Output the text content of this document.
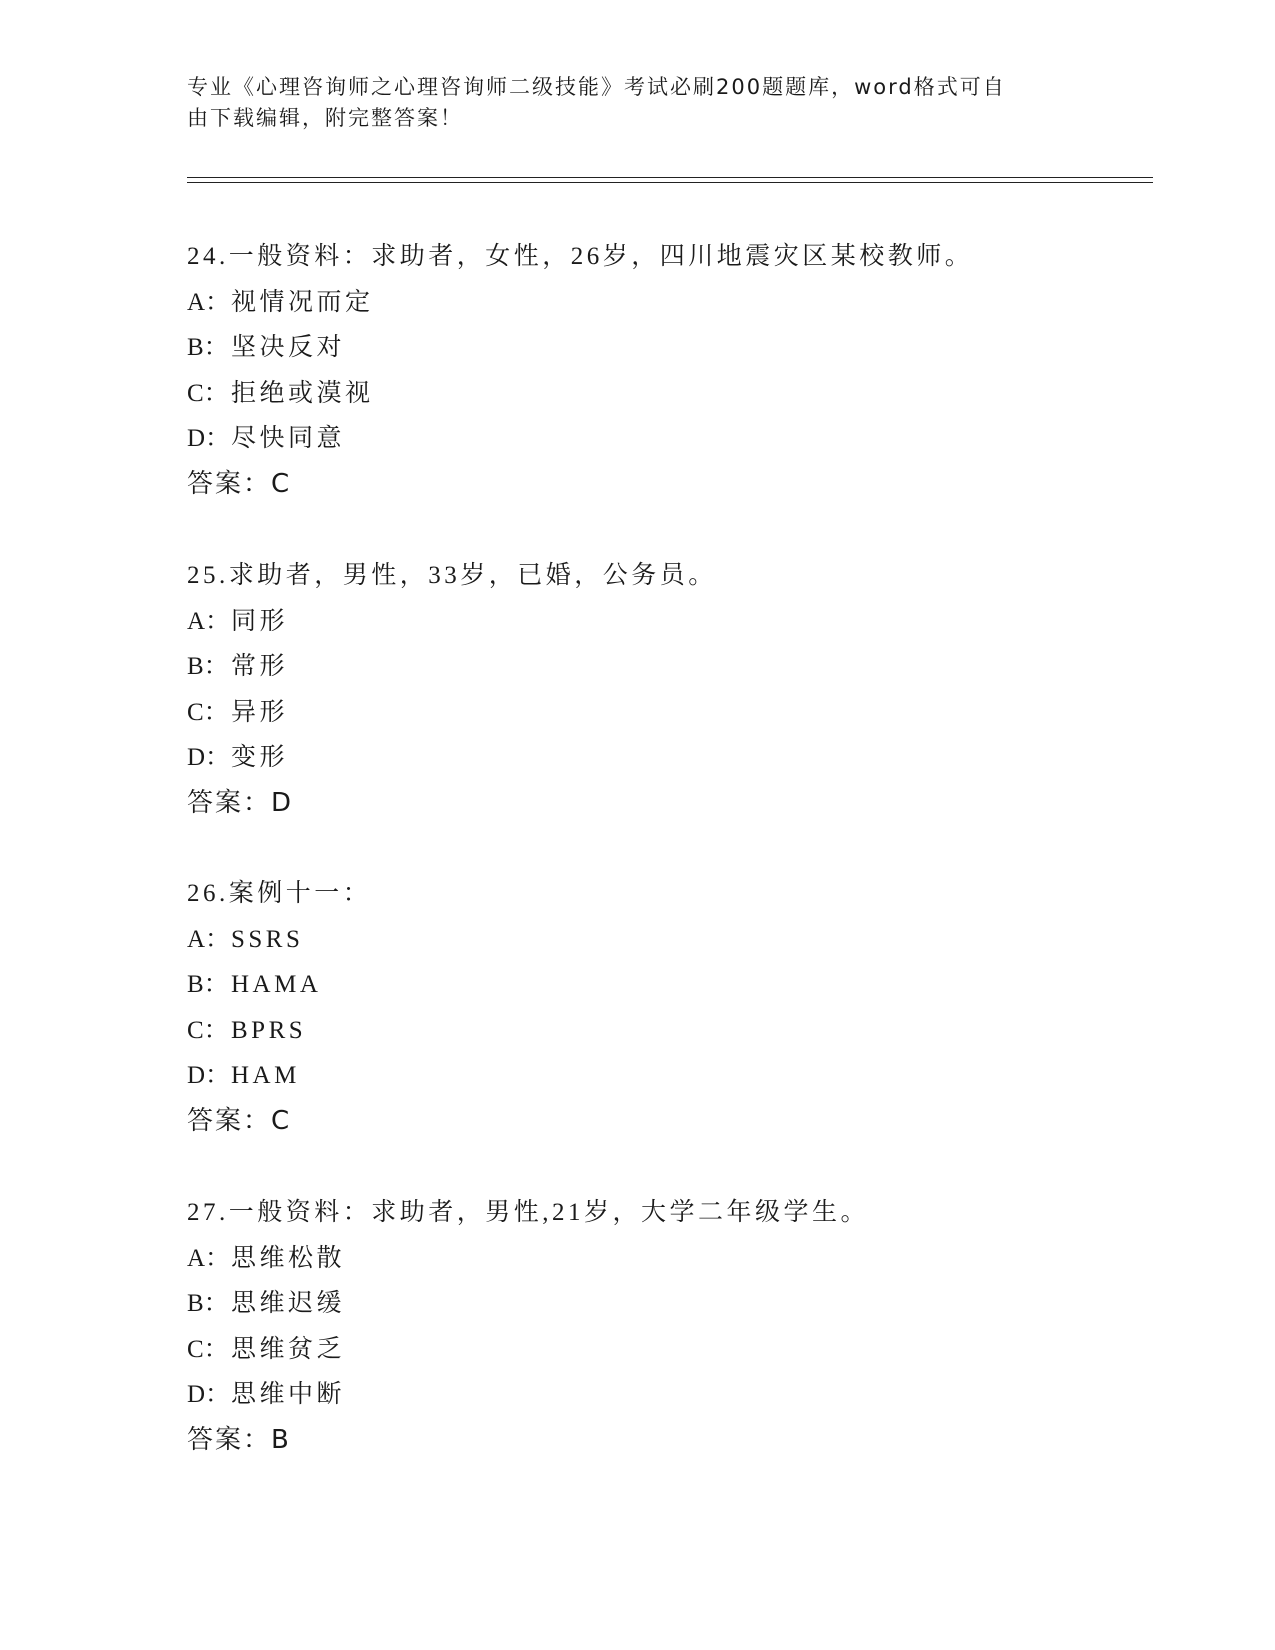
专业《心理咨询师之心理咨询师二级技能》考试必刷200题题库，word格式可自
由下载编辑，附完整答案！
24.一般资料：求助者，女性，26岁，四川地震灾区某校教师。
A：视情况而定
B：坚决反对
C：拒绝或漠视
D：尽快同意
答案：C
25.求助者，男性，33岁，已婚，公务员。
A：同形
B：常形
C：异形
D：变形
答案：D
26.案例十一：
A：SSRS
B：HAMA
C：BPRS
D：HAM
答案：C
27.一般资料：求助者，男性,21岁，大学二年级学生。
A：思维松散
B：思维迟缓
C：思维贫乏
D：思维中断
答案：B
